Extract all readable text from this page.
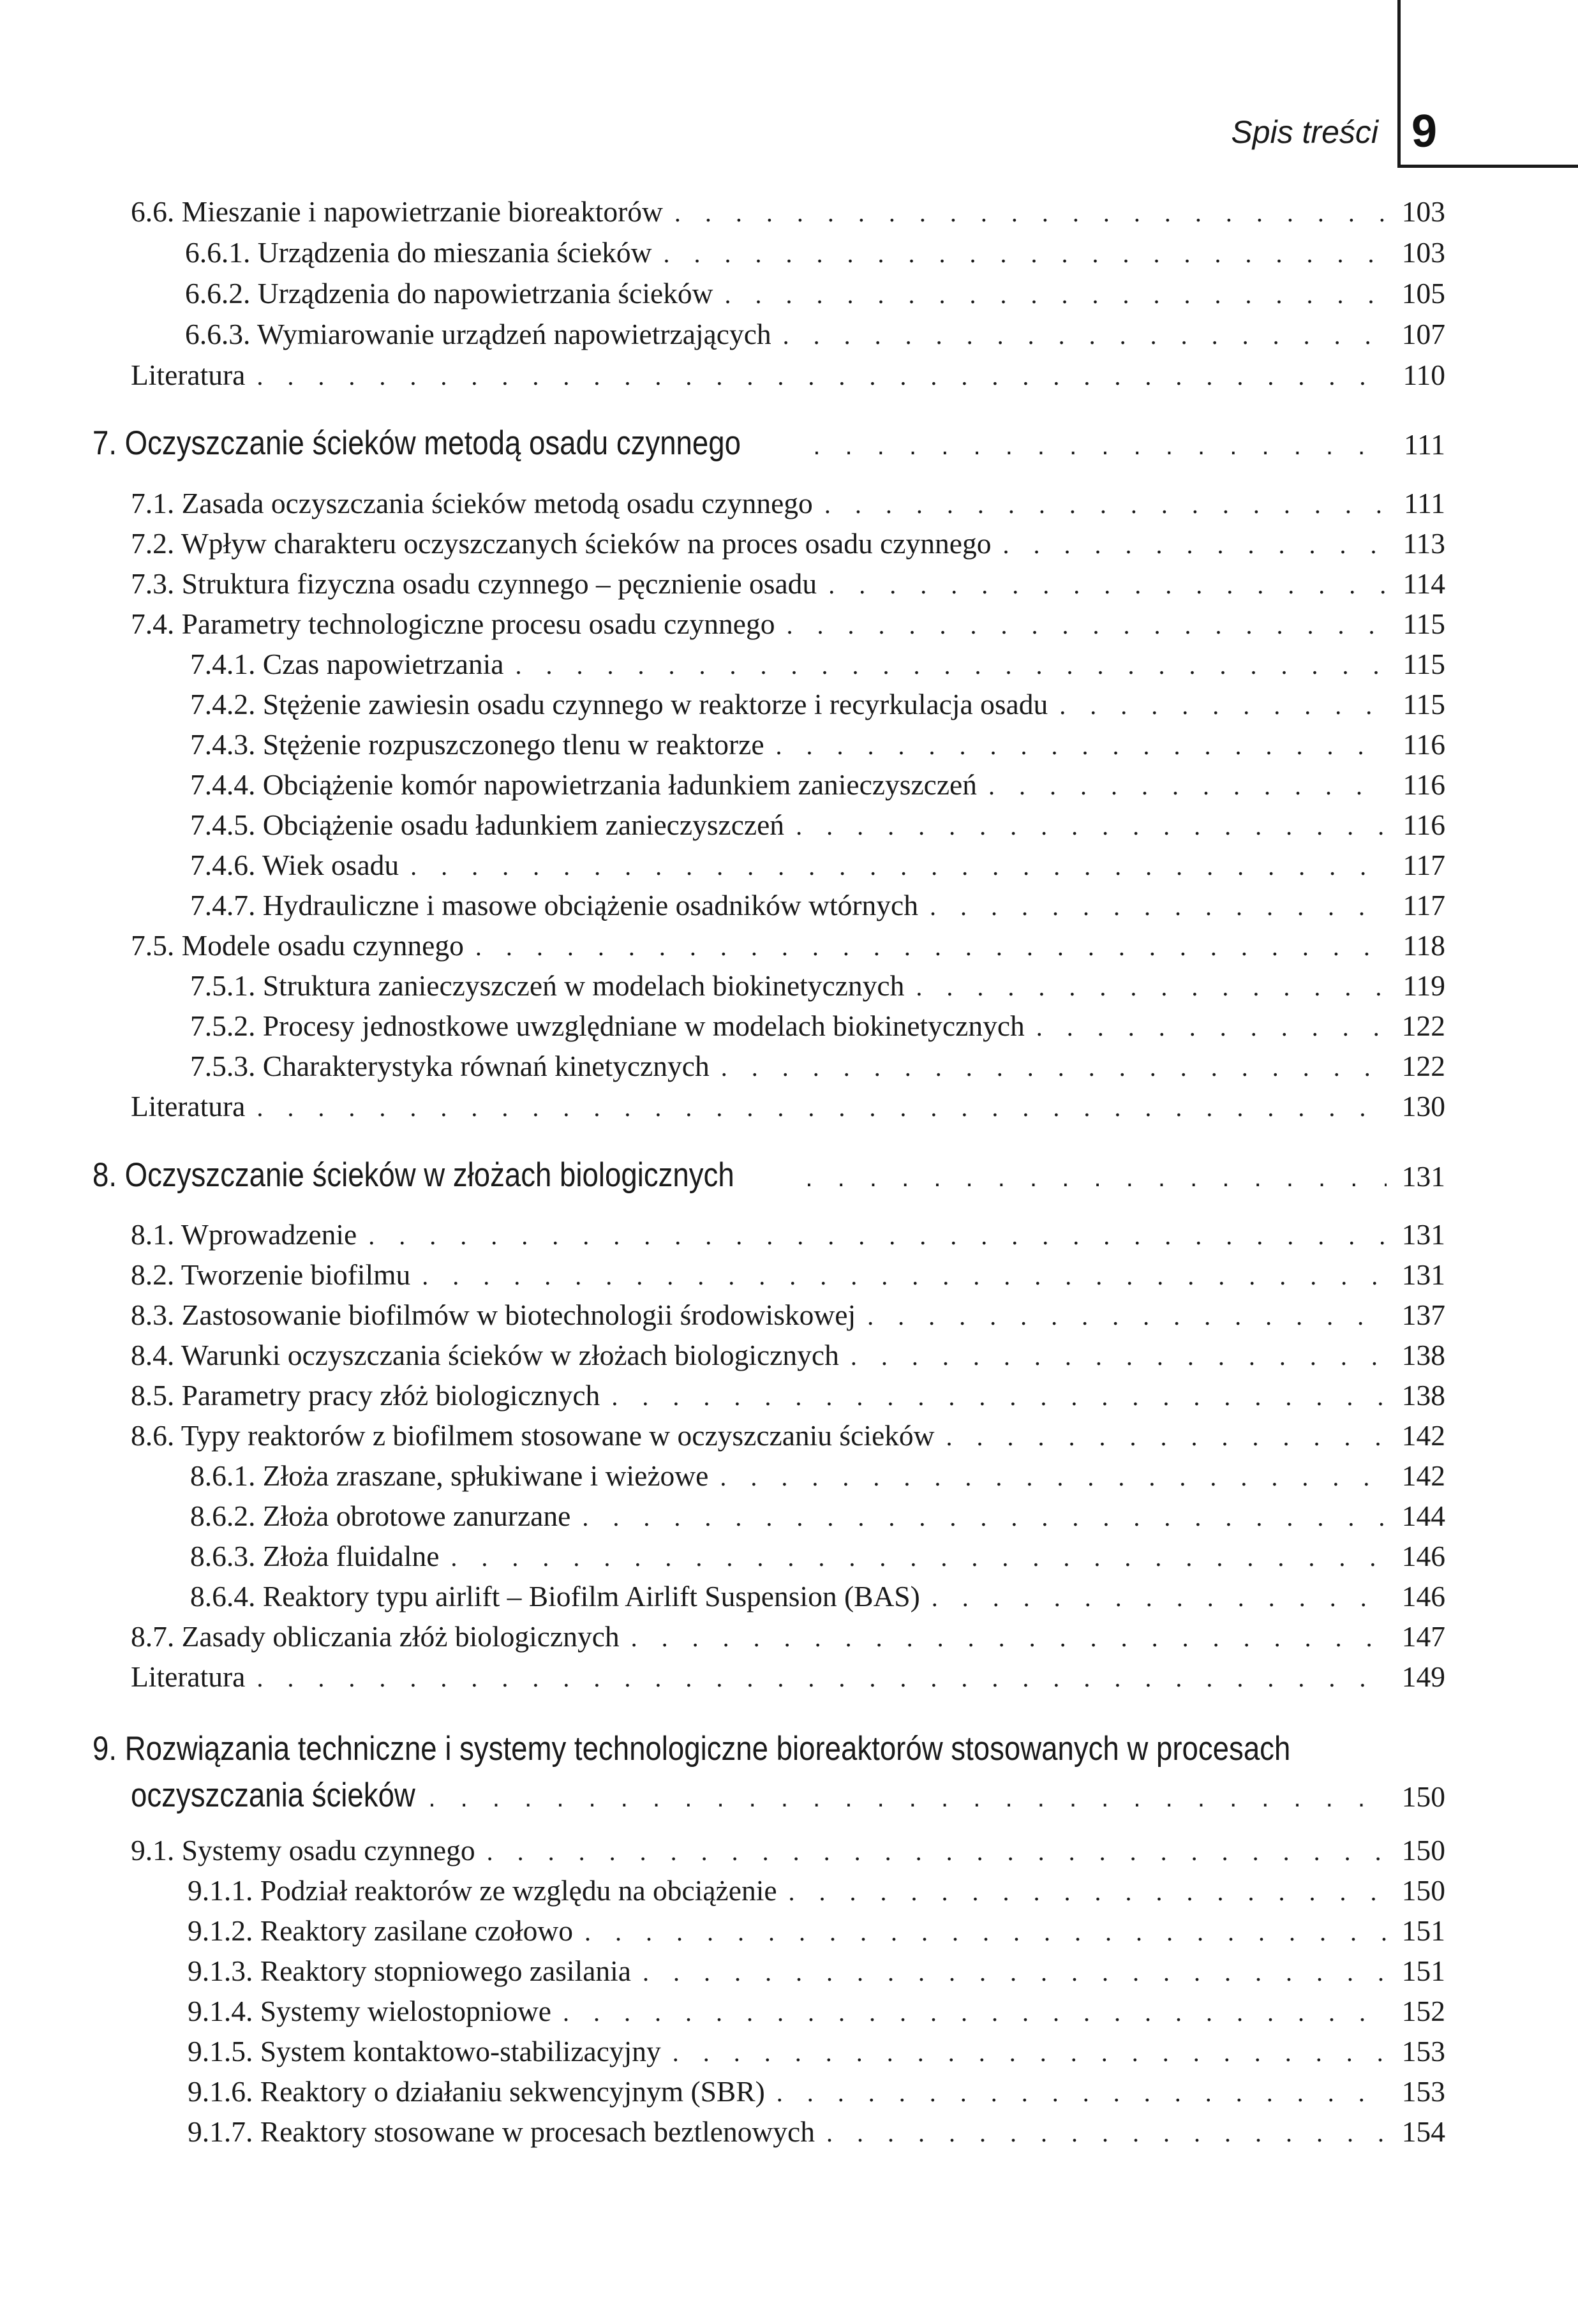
Spis treści 9
6.6. Mieszanie i napowietrzanie bioreaktorów . . .	103
6.6.1. Urządzenia do mieszania ścieków . . .	103
6.6.2. Urządzenia do napowietrzania ścieków . . .	105
6.6.3. Wymiarowanie urządzeń napowietrzających . . .	107
Literatura . . .	110
7. Oczyszczanie ścieków metodą osadu czynnego . . .	111
7.1. Zasada oczyszczania ścieków metodą osadu czynnego . . .	111
7.2. Wpływ charakteru oczyszczanych ścieków na proces osadu czynnego . . .	113
7.3. Struktura fizyczna osadu czynnego – pęcznienie osadu . . .	114
7.4. Parametry technologiczne procesu osadu czynnego . . .	115
7.4.1. Czas napowietrzania . . .	115
7.4.2. Stężenie zawiesin osadu czynnego w reaktorze i recyrkulacja osadu . . .	115
7.4.3. Stężenie rozpuszczonego tlenu w reaktorze . . .	116
7.4.4. Obciążenie komór napowietrzania ładunkiem zanieczyszczeń . . .	116
7.4.5. Obciążenie osadu ładunkiem zanieczyszczeń . . .	116
7.4.6. Wiek osadu . . .	117
7.4.7. Hydrauliczne i masowe obciążenie osadników wtórnych . . .	117
7.5. Modele osadu czynnego . . .	118
7.5.1. Struktura zanieczyszczeń w modelach biokinetycznych . . .	119
7.5.2. Procesy jednostkowe uwzględniane w modelach biokinetycznych . . .	122
7.5.3. Charakterystyka równań kinetycznych . . .	122
Literatura . . .	130
8. Oczyszczanie ścieków w złożach biologicznych . . .	131
8.1. Wprowadzenie . . .	131
8.2. Tworzenie biofilmu . . .	131
8.3. Zastosowanie biofilmów w biotechnologii środowiskowej . . .	137
8.4. Warunki oczyszczania ścieków w złożach biologicznych . . .	138
8.5. Parametry pracy złóż biologicznych . . .	138
8.6. Typy reaktorów z biofilmem stosowane w oczyszczaniu ścieków . . .	142
8.6.1. Złoża zraszane, spłukiwane i wieżowe . . .	142
8.6.2. Złoża obrotowe zanurzane . . .	144
8.6.3. Złoża fluidalne . . .	146
8.6.4. Reaktory typu airlift – Biofilm Airlift Suspension (BAS) . . .	146
8.7. Zasady obliczania złóż biologicznych . . .	147
Literatura . . .	149
9. Rozwiązania techniczne i systemy technologiczne bioreaktorów stosowanych w procesach
oczyszczania ścieków . . .	150
9.1. Systemy osadu czynnego . . .	150
9.1.1. Podział reaktorów ze względu na obciążenie . . .	150
9.1.2. Reaktory zasilane czołowo . . .	151
9.1.3. Reaktory stopniowego zasilania . . .	151
9.1.4. Systemy wielostopniowe . . .	152
9.1.5. System kontaktowo-stabilizacyjny . . .	153
9.1.6. Reaktory o działaniu sekwencyjnym (SBR) . . .	153
9.1.7. Reaktory stosowane w procesach beztlenowych . . .	154
